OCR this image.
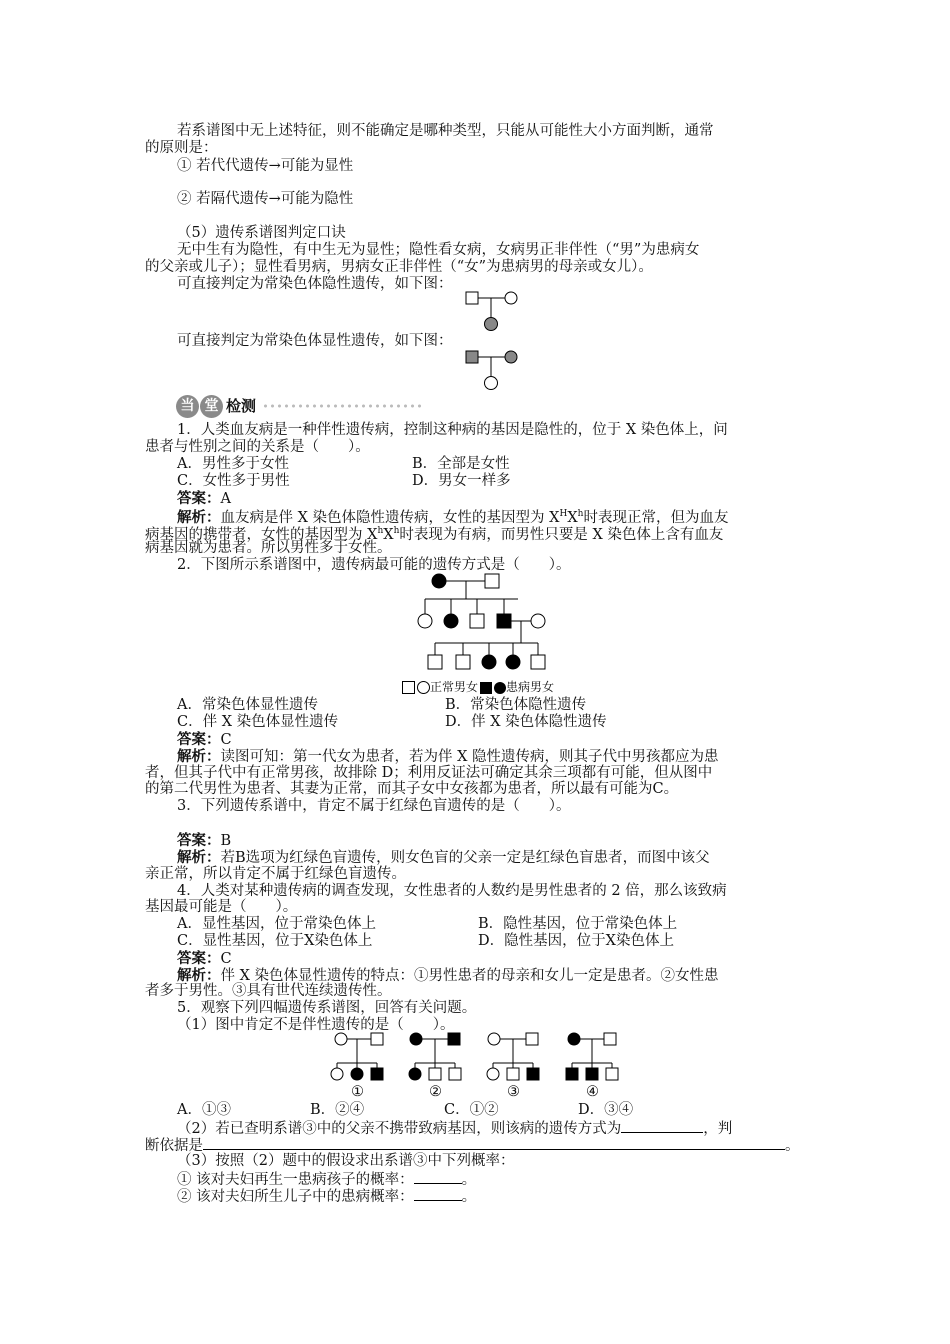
若系谱图中无上述特征，则不能确定是哪种类型，只能从可能性大小方面判断，通常
的原则是：
① 若代代遗传→可能为显性
② 若隔代遗传→可能为隐性
（5）遗传系谱图判定口诀
无中生有为隐性，有中生无为显性；隐性看女病，女病男正非伴性（“男”为患病女
的父亲或儿子）；显性看男病，男病女正非伴性（“女”为患病男的母亲或女儿）。
可直接判定为常染色体隐性遗传，如下图：
可直接判定为常染色体显性遗传，如下图：
当 堂 检测
1．人类血友病是一种伴性遗传病，控制这种病的基因是隐性的，位于 X 染色体上，问
患者与性别之间的关系是（　　）。
A．男性多于女性	B．全部是女性
C．女性多于男性	D．男女一样多
答案：A
解析：血友病是伴 X 染色体隐性遗传病，女性的基因型为 $X^HX^h$时表现正常，但为血友
病基因的携带者，女性的基因型为 $X^hX^h$时表现为有病，而男性只要是 X 染色体上含有血友
病基因就为患者。所以男性多于女性。
2．下图所示系谱图中，遗传病最可能的遗传方式是（　　）。
正常男女 患病男女
A．常染色体显性遗传	B．常染色体隐性遗传
C．伴 X 染色体显性遗传	D．伴 X 染色体隐性遗传
答案：C
解析：读图可知：第一代女为患者，若为伴 X 隐性遗传病，则其子代中男孩都应为患
者，但其子代中有正常男孩，故排除 D；利用反证法可确定其余三项都有可能，但从图中
的第二代男性为患者、其妻为正常，而其子女中女孩都为患者，所以最有可能为C。
3．下列遗传系谱中，肯定不属于红绿色盲遗传的是（　　）。
答案：B
解析：若B选项为红绿色盲遗传，则女色盲的父亲一定是红绿色盲患者，而图中该父
亲正常，所以肯定不属于红绿色盲遗传。
4．人类对某种遗传病的调查发现，女性患者的人数约是男性患者的 2 倍，那么该致病
基因最可能是（　　）。
A．显性基因，位于常染色体上	B．隐性基因，位于常染色体上
C．显性基因，位于X染色体上	D．隐性基因，位于X染色体上
答案：C
解析：伴 X 染色体显性遗传的特点：①男性患者的母亲和女儿一定是患者。②女性患
者多于男性。③具有世代连续遗传性。
5．观察下列四幅遗传系谱图，回答有关问题。
（1）图中肯定不是伴性遗传的是（　　）。
①	②	③	④
A．①③	B．②④	C．①②	D．③④
（2）若已查明系谱③中的父亲不携带致病基因，则该病的遗传方式为	，判
断依据是	。
（3）按照（2）题中的假设求出系谱③中下列概率：
① 该对夫妇再生一患病孩子的概率：	。
② 该对夫妇所生儿子中的患病概率：	。
